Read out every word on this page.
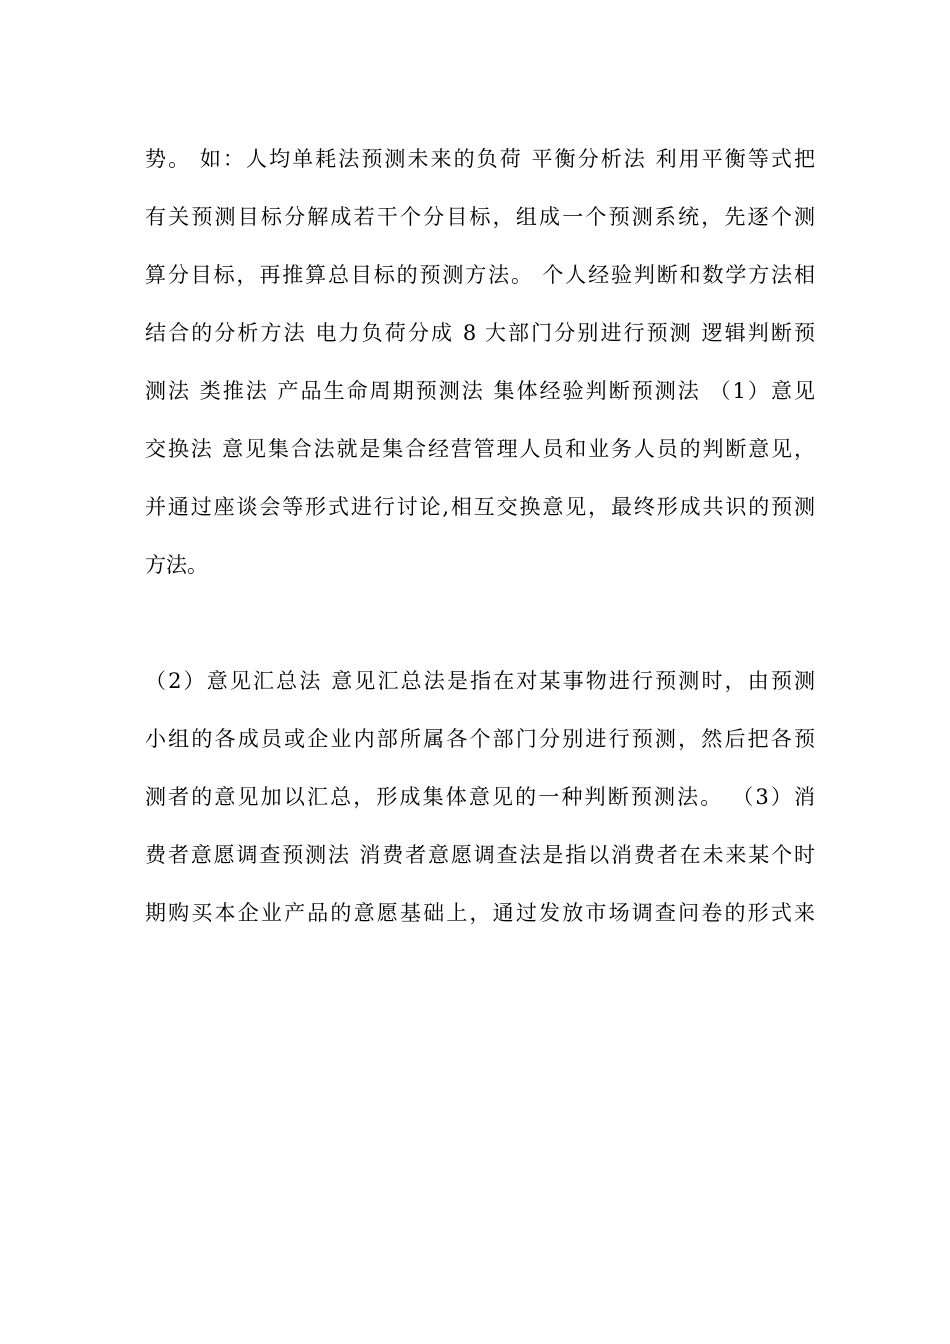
势。 如：人均单耗法预测未来的负荷 平衡分析法 利用平衡等式把
有关预测目标分解成若干个分目标，组成一个预测系统，先逐个测
算分目标，再推算总目标的预测方法。 个人经验判断和数学方法相
结合的分析方法 电力负荷分成 8 大部门分别进行预测 逻辑判断预
测法 类推法 产品生命周期预测法 集体经验判断预测法 （1）意见
交换法 意见集合法就是集合经营管理人员和业务人员的判断意见，
并通过座谈会等形式进行讨论,相互交换意见，最终形成共识的预测
方法。
（2）意见汇总法 意见汇总法是指在对某事物进行预测时，由预测
小组的各成员或企业内部所属各个部门分别进行预测，然后把各预
测者的意见加以汇总，形成集体意见的一种判断预测法。 （3）消
费者意愿调查预测法 消费者意愿调查法是指以消费者在未来某个时
期购买本企业产品的意愿基础上，通过发放市场调查问卷的形式来
